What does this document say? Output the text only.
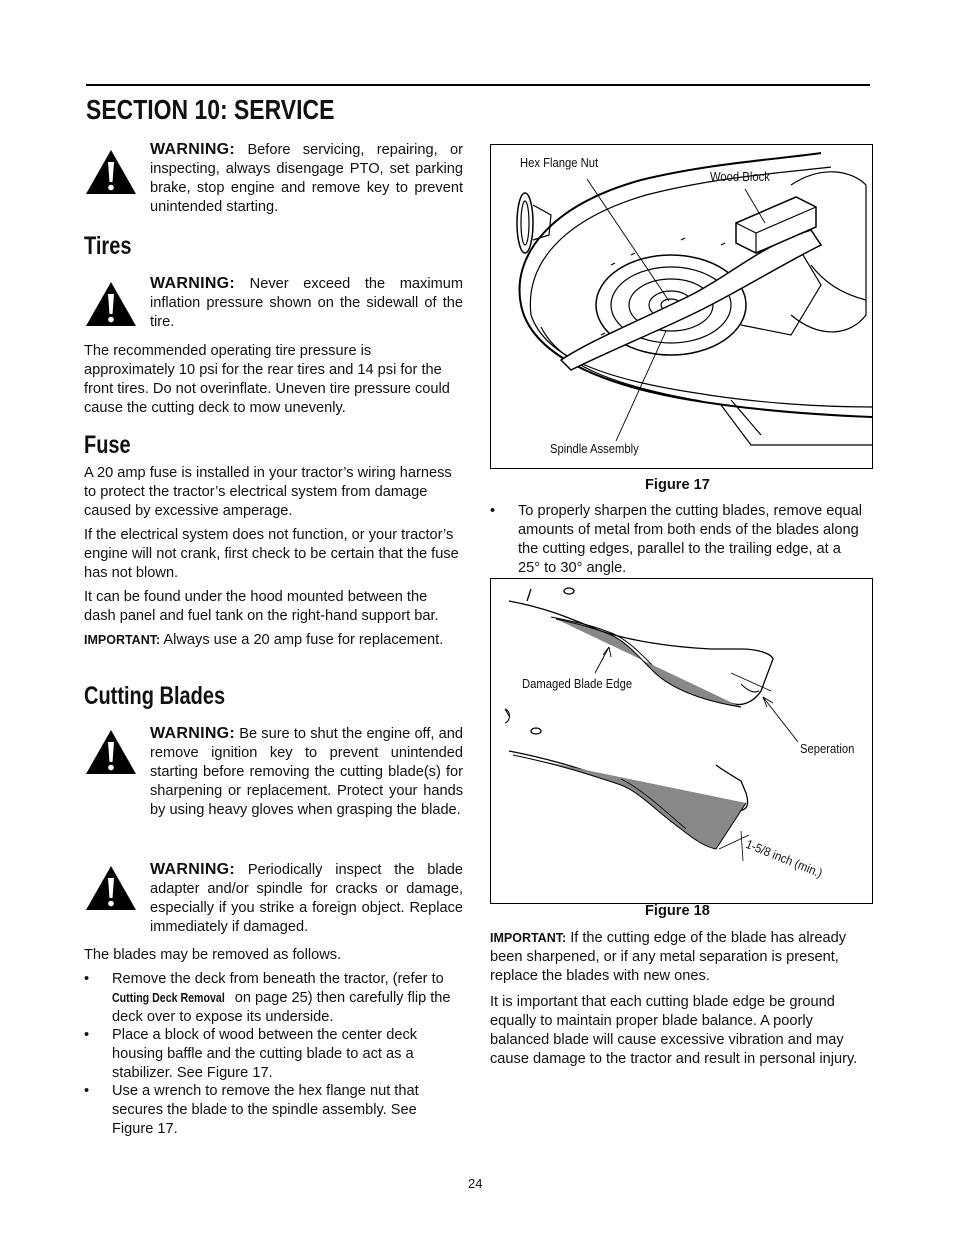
SECTION 10: SERVICE
WARNING: Before servicing, repairing, or inspecting, always disengage PTO, set parking brake, stop engine and remove key to prevent unintended starting.
Tires
WARNING: Never exceed the maximum inflation pressure shown on the sidewall of the tire.

The recommended operating tire pressure is approximately 10 psi for the rear tires and 14 psi for the front tires. Do not overinflate. Uneven tire pressure could cause the cutting deck to mow unevenly.

Fuse

A 20 amp fuse is installed in your tractor’s wiring harness to protect the tractor’s electrical system from damage caused by excessive amperage.

If the electrical system does not function, or your tractor’s engine will not crank, first check to be certain that the fuse has not blown.

It can be found under the hood mounted between the dash panel and fuel tank on the right-hand support bar.

IMPORTANT: Always use a 20 amp fuse for replacement.

Cutting Blades
WARNING: Be sure to shut the engine off, and remove ignition key to prevent unintended starting before removing the cutting blade(s) for sharpening or replacement. Protect your hands by using heavy gloves when grasping the blade.
WARNING: Periodically inspect the blade adapter and/or spindle for cracks or damage, especially if you strike a foreign object. Replace immediately if damaged.

The blades may be removed as follows.

• Remove the deck from beneath the tractor, (refer to Cutting Deck Removal on page 25) then carefully flip the deck over to expose its underside.
• Place a block of wood between the center deck housing baffle and the cutting blade to act as a stabilizer. See Figure 17.
• Use a wrench to remove the hex flange nut that secures the blade to the spindle assembly. See Figure 17.
Hex Flange Nut
Wood Block
Spindle Assembly
Figure 17
• To properly sharpen the cutting blades, remove equal amounts of metal from both ends of the blades along the cutting edges, parallel to the trailing edge, at a 25° to 30° angle.
Damaged Blade Edge
Seperation
1-5/8 inch (min.)
Figure 18

IMPORTANT: If the cutting edge of the blade has already been sharpened, or if any metal separation is present, replace the blades with new ones.

It is important that each cutting blade edge be ground equally to maintain proper blade balance. A poorly balanced blade will cause excessive vibration and may cause damage to the tractor and result in personal injury.

24
